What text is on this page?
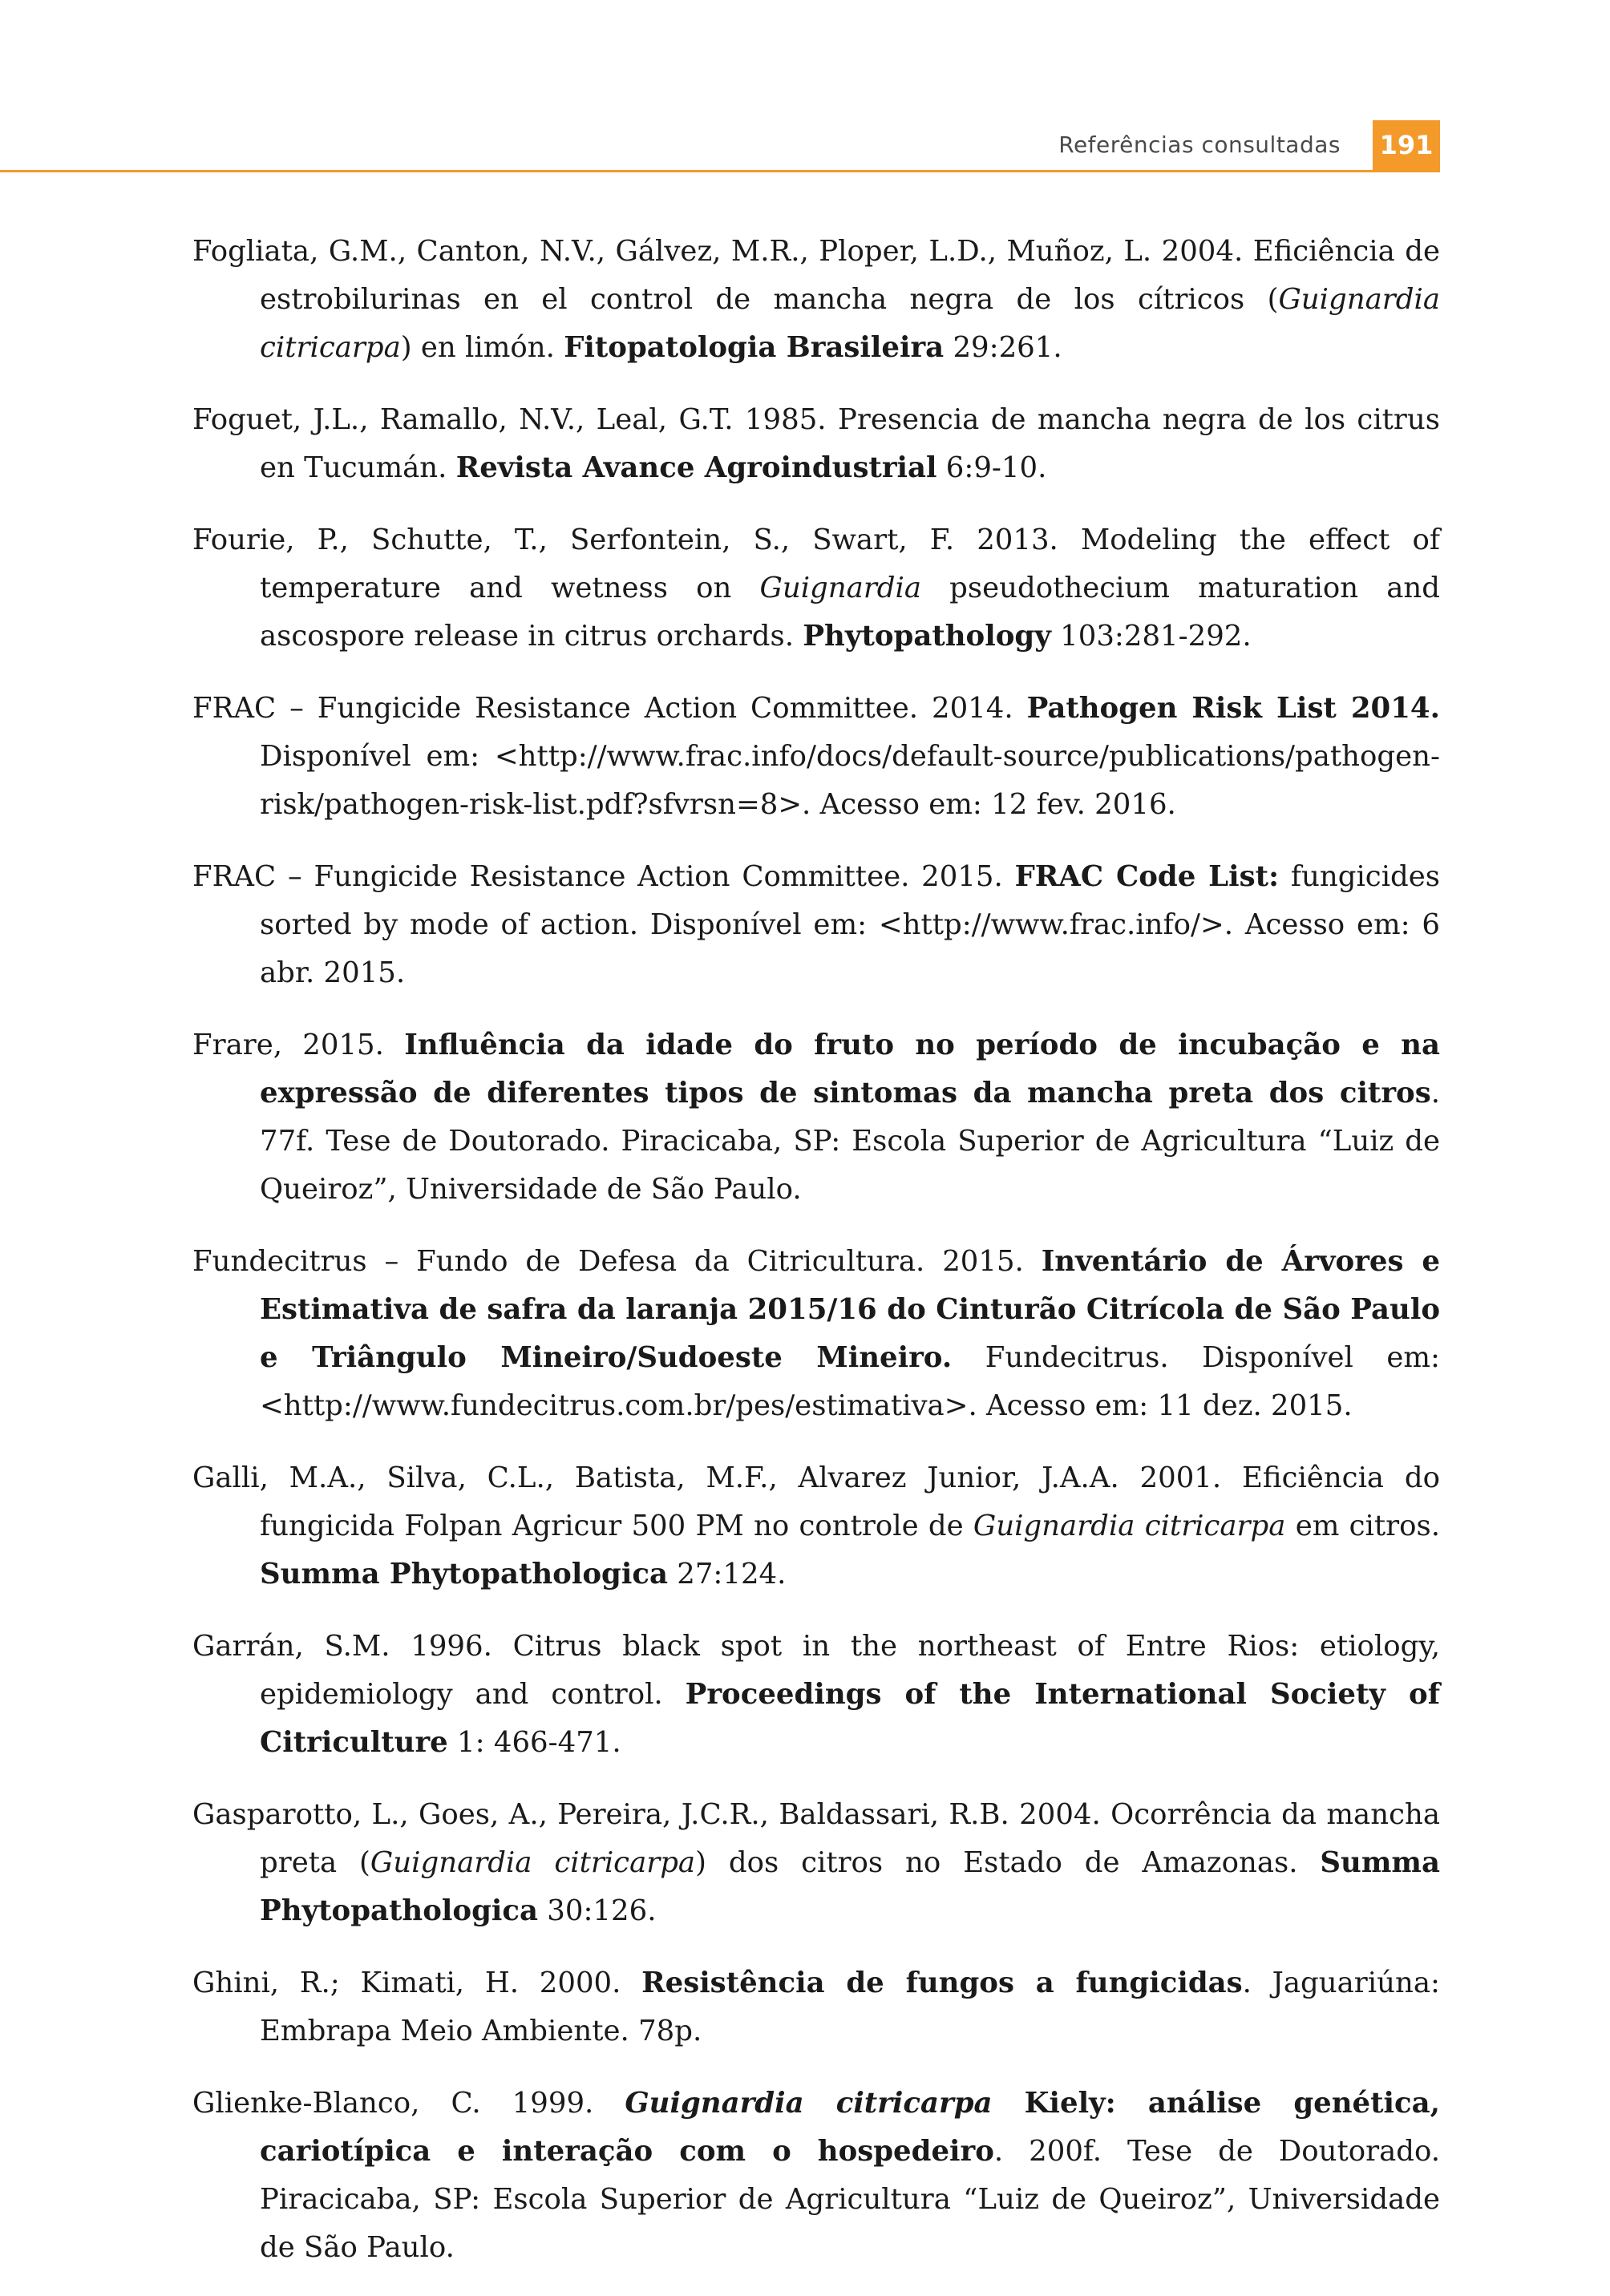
Referências consultadas 191

Fogliata, G.M., Canton, N.V., Gálvez, M.R., Ploper, L.D., Muñoz, L. 2004. Eficiência de estrobilurinas en el control de mancha negra de los cítricos (Guignardia citricarpa) en limón. Fitopatologia Brasileira 29:261.

Foguet, J.L., Ramallo, N.V., Leal, G.T. 1985. Presencia de mancha negra de los citrus en Tucumán. Revista Avance Agroindustrial 6:9-10.

Fourie, P., Schutte, T., Serfontein, S., Swart, F. 2013. Modeling the effect of temperature and wetness on Guignardia pseudothecium maturation and ascospore release in citrus orchards. Phytopathology 103:281-292.

FRAC – Fungicide Resistance Action Committee. 2014. Pathogen Risk List 2014. Disponível em: <http://www.frac.info/docs/default-source/publications/pathogen-risk/pathogen-risk-list.pdf?sfvrsn=8>. Acesso em: 12 fev. 2016.

FRAC – Fungicide Resistance Action Committee. 2015. FRAC Code List: fungicides sorted by mode of action. Disponível em: <http://www.frac.info/>. Acesso em: 6 abr. 2015.

Frare, 2015. Influência da idade do fruto no período de incubação e na expressão de diferentes tipos de sintomas da mancha preta dos citros. 77f. Tese de Doutorado. Piracicaba, SP: Escola Superior de Agricultura “Luiz de Queiroz”, Universidade de São Paulo.

Fundecitrus – Fundo de Defesa da Citricultura. 2015. Inventário de Árvores e Estimativa de safra da laranja 2015/16 do Cinturão Citrícola de São Paulo e Triângulo Mineiro/Sudoeste Mineiro. Fundecitrus. Disponível em: <http://www.fundecitrus.com.br/pes/estimativa>. Acesso em: 11 dez. 2015.

Galli, M.A., Silva, C.L., Batista, M.F., Alvarez Junior, J.A.A. 2001. Eficiência do fungicida Folpan Agricur 500 PM no controle de Guignardia citricarpa em citros. Summa Phytopathologica 27:124.

Garrán, S.M. 1996. Citrus black spot in the northeast of Entre Rios: etiology, epidemiology and control. Proceedings of the International Society of Citriculture 1: 466-471.

Gasparotto, L., Goes, A., Pereira, J.C.R., Baldassari, R.B. 2004. Ocorrência da mancha preta (Guignardia citricarpa) dos citros no Estado de Amazonas. Summa Phytopathologica 30:126.

Ghini, R.; Kimati, H. 2000. Resistência de fungos a fungicidas. Jaguariúna: Embrapa Meio Ambiente. 78p.

Glienke-Blanco, C. 1999. Guignardia citricarpa Kiely: análise genética, cariotípica e interação com o hospedeiro. 200f. Tese de Doutorado. Piracicaba, SP: Escola Superior de Agricultura “Luiz de Queiroz”, Universidade de São Paulo.
